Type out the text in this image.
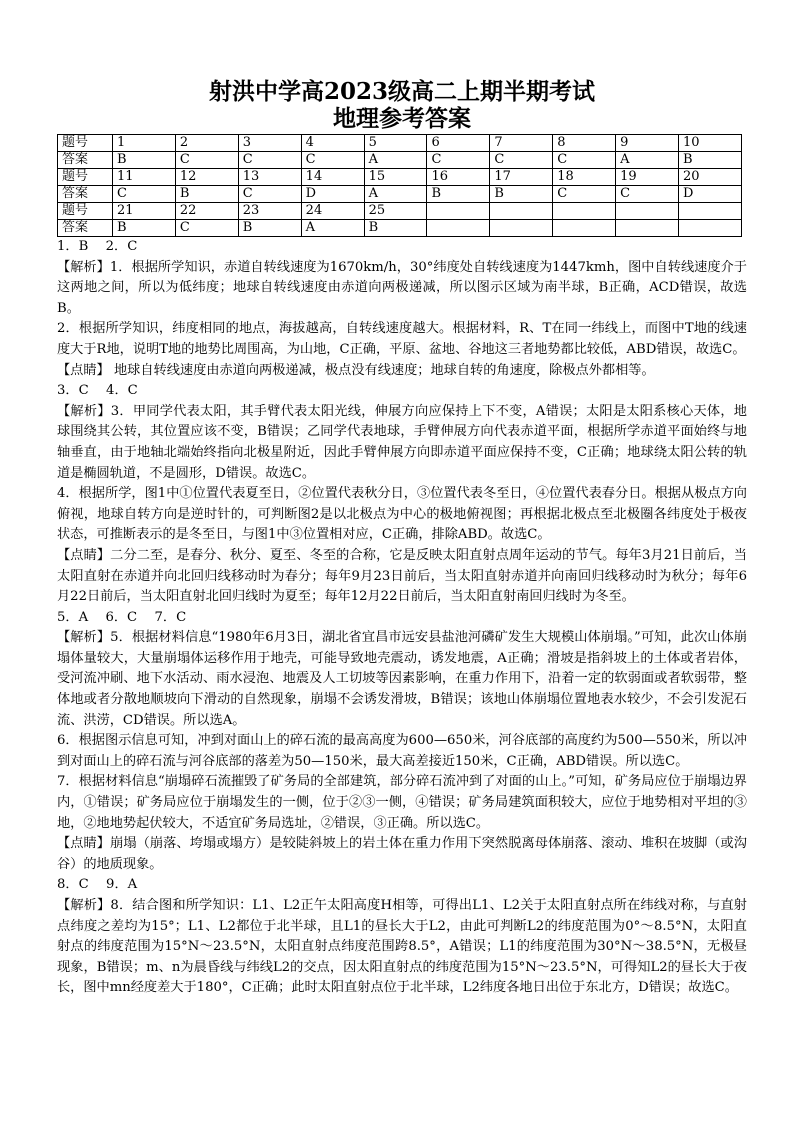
射洪中学高2023级高二上期半期考试
地理参考答案
题号	1	2	3	4	5	6	7	8	9	10
答案	B	C	C	C	A	C	C	C	A	B
题号	11	12	13	14	15	16	17	18	19	20
答案	C	B	C	D	A	B	B	C	C	D
题号	21	22	23	24	25					
答案	B	C	B	A	B					

1．B　 2．C

【解析】1．根据所学知识，赤道自转线速度为1670km/h，30°纬度处自转线速度为1447kmh，图中自转线速度介于这两地之间，所以为低纬度；地球自转线速度由赤道向两极递减，所以图示区域为南半球，B正确，ACD错误，故选B。

2．根据所学知识，纬度相同的地点，海拔越高，自转线速度越大。根据材料，R、T在同一纬线上，而图中T地的线速度大于R地，说明T地的地势比周围高，为山地，C正确，平原、盆地、谷地这三者地势都比较低，ABD错误，故选C。

【点睛】 地球自转线速度由赤道向两极递减，极点没有线速度；地球自转的角速度，除极点外都相等。

3．C　 4．C

【解析】3．甲同学代表太阳，其手臂代表太阳光线，伸展方向应保持上下不变，A错误；太阳是太阳系核心天体，地球围绕其公转，其位置应该不变，B错误；乙同学代表地球，手臂伸展方向代表赤道平面，根据所学赤道平面始终与地轴垂直，由于地轴北端始终指向北极星附近，因此手臂伸展方向即赤道平面应保持不变，C正确；地球绕太阳公转的轨道是椭圆轨道，不是圆形，D错误。故选C。

4．根据所学，图1中①位置代表夏至日，②位置代表秋分日，③位置代表冬至日，④位置代表春分日。根据从极点方向俯视，地球自转方向是逆时针的，可判断图2是以北极点为中心的极地俯视图；再根据北极点至北极圈各纬度处于极夜状态，可推断表示的是冬至日，与图1中③位置相对应，C正确，排除ABD。故选C。

【点睛】二分二至，是春分、秋分、夏至、冬至的合称，它是反映太阳直射点周年运动的节气。每年3月21日前后，当太阳直射在赤道并向北回归线移动时为春分；每年9月23日前后，当太阳直射赤道并向南回归线移动时为秋分；每年6月22日前后，当太阳直射北回归线时为夏至；每年12月22日前后，当太阳直射南回归线时为冬至。

5．A　 6．C　 7．C

【解析】5．根据材料信息“1980年6月3日，湖北省宜昌市远安县盐池河磷矿发生大规模山体崩塌。”可知，此次山体崩塌体量较大，大量崩塌体运移作用于地壳，可能导致地壳震动，诱发地震，A正确；滑坡是指斜坡上的土体或者岩体，受河流冲刷、地下水活动、雨水浸泡、地震及人工切坡等因素影响，在重力作用下，沿着一定的软弱面或者软弱带，整体地或者分散地顺坡向下滑动的自然现象，崩塌不会诱发滑坡，B错误；该地山体崩塌位置地表水较少，不会引发泥石流、洪涝，CD错误。所以选A。

6．根据图示信息可知，冲到对面山上的碎石流的最高高度为600—650米，河谷底部的高度约为500—550米，所以冲到对面山上的碎石流与河谷底部的落差为50—150米，最大高差接近150米，C正确，ABD错误。所以选C。

7．根据材料信息“崩塌碎石流摧毁了矿务局的全部建筑，部分碎石流冲到了对面的山上。”可知，矿务局应位于崩塌边界内，①错误；矿务局应位于崩塌发生的一侧，位于②③一侧，④错误；矿务局建筑面积较大，应位于地势相对平坦的③地，②地地势起伏较大，不适宜矿务局选址，②错误，③正确。所以选C。

【点睛】崩塌（崩落、垮塌或塌方）是较陡斜坡上的岩土体在重力作用下突然脱离母体崩落、滚动、堆积在坡脚（或沟谷）的地质现象。

8．C　 9．A

【解析】8．结合图和所学知识：L1、L2正午太阳高度H相等，可得出L1、L2关于太阳直射点所在纬线对称，与直射点纬度之差均为15°；L1、L2都位于北半球，且L1的昼长大于L2，由此可判断L2的纬度范围为0°～8.5°N，太阳直射点的纬度范围为15°N～23.5°N，太阳直射点纬度范围跨8.5°，A错误；L1的纬度范围为30°N～38.5°N，无极昼现象，B错误；m、n为晨昏线与纬线L2的交点，因太阳直射点的纬度范围为15°N～23.5°N，可得知L2的昼长大于夜长，图中mn经度差大于180°，C正确；此时太阳直射点位于北半球，L2纬度各地日出位于东北方，D错误；故选C。
